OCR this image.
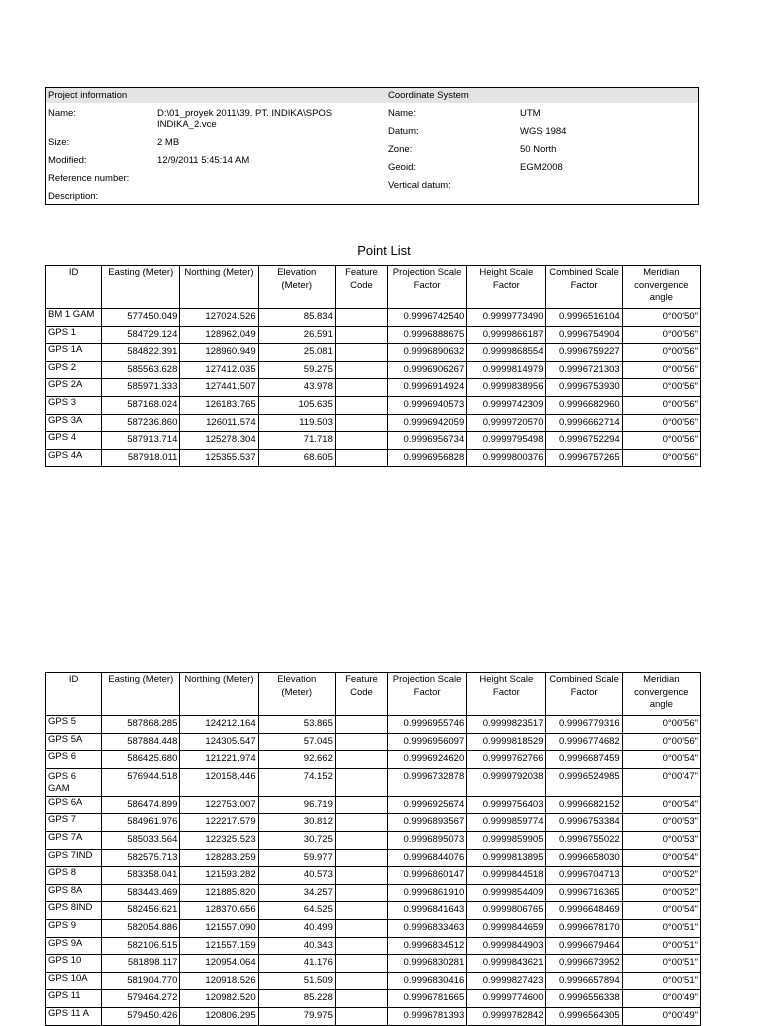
Project information	Coordinate System
Name:	D:\01_proyek 2011\39. PT. INDIKA\SPOS INDIKA_2.vce
Size:	2 MB
Modified:	12/9/2011 5:45:14 AM
Reference number:
Description:
Name:	UTM
Datum:	WGS 1984
Zone:	50 North
Geoid:	EGM2008
Vertical datum:
Point List
ID	Easting (Meter)	Northing (Meter)	Elevation (Meter)	Feature Code	Projection Scale Factor	Height Scale Factor	Combined Scale Factor	Meridian convergence angle
BM 1 GAM	577450.049	127024.526	85.834		0.9996742540	0.9999773490	0.9996516104	0°00'50"
GPS 1	584729.124	128962.049	26.591		0.9996888675	0.9999866187	0.9996754904	0°00'56"
GPS 1A	584822.391	128960.949	25.081		0.9996890632	0.9999868554	0.9996759227	0°00'56"
GPS 2	585563.628	127412.035	59.275		0.9996906267	0.9999814979	0.9996721303	0°00'56"
GPS 2A	585971.333	127441.507	43.978		0.9996914924	0.9999838956	0.9996753930	0°00'56"
GPS 3	587168.024	126183.765	105.635		0.9996940573	0.9999742309	0.9996682960	0°00'56"
GPS 3A	587236.860	126011.574	119.503		0.9996942059	0.9999720570	0.9996662714	0°00'56"
GPS 4	587913.714	125278.304	71.718		0.9996956734	0.9999795498	0.9996752294	0°00'56"
GPS 4A	587918.011	125355.537	68.605		0.9996956828	0.9999800376	0.9996757265	0°00'56"
ID	Easting (Meter)	Northing (Meter)	Elevation (Meter)	Feature Code	Projection Scale Factor	Height Scale Factor	Combined Scale Factor	Meridian convergence angle
GPS 5	587868.285	124212.164	53.865		0.9996955746	0.9999823517	0.9996779316	0°00'56"
GPS 5A	587884.448	124305.547	57.045		0.9996956097	0.9999818529	0.9996774682	0°00'56"
GPS 6	586425.680	121221.974	92.662		0.9996924620	0.9999762766	0.9996687459	0°00'54"
GPS 6 GAM	576944.518	120158.446	74.152		0.9996732878	0.9999792038	0.9996524985	0°00'47"
GPS 6A	586474.899	122753.007	96.719		0.9996925674	0.9999756403	0.9996682152	0°00'54"
GPS 7	584961.976	122217.579	30.812		0.9996893567	0.9999859774	0.9996753384	0°00'53"
GPS 7A	585033.564	122325.523	30.725		0.9996895073	0.9999859905	0.9996755022	0°00'53"
GPS 7IND	582575.713	128283.259	59.977		0.9996844076	0.9999813895	0.9996658030	0°00'54"
GPS 8	583358.041	121593.282	40.573		0.9996860147	0.9999844518	0.9996704713	0°00'52"
GPS 8A	583443.469	121885.820	34.257		0.9996861910	0.9999854409	0.9996716365	0°00'52"
GPS 8IND	582456.621	128370.656	64.525		0.9996841643	0.9999806765	0.9996648469	0°00'54"
GPS 9	582054.886	121557.090	40.499		0.9996833463	0.9999844659	0.9996678170	0°00'51"
GPS 9A	582106.515	121557.159	40.343		0.9996834512	0.9999844903	0.9996679464	0°00'51"
GPS 10	581898.117	120954.064	41.176		0.9996830281	0.9999843621	0.9996673952	0°00'51"
GPS 10A	581904.770	120918.526	51.509		0.9996830416	0.9999827423	0.9996657894	0°00'51"
GPS 11	579464.272	120982.520	85.228		0.9996781665	0.9999774600	0.9996556338	0°00'49"
GPS 11 A	579450.426	120806.295	79.975		0.9996781393	0.9999782842	0.9996564305	0°00'49"
